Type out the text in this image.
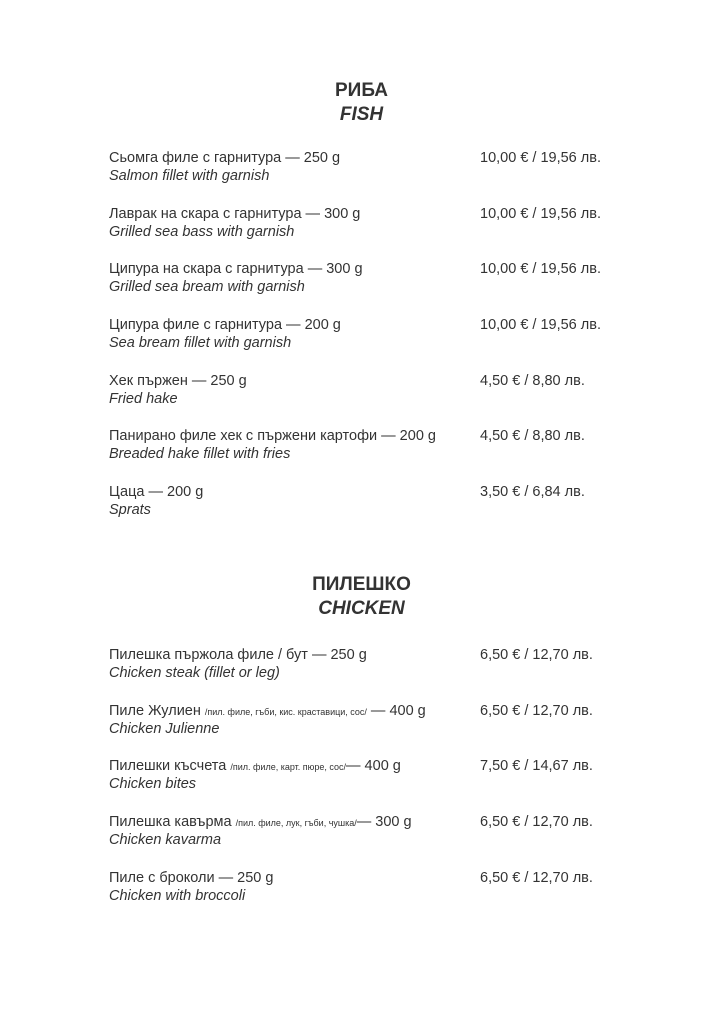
РИБА
FISH
Сьомга филе с гарнитура — 250 g
Salmon fillet with garnish
10,00 € / 19,56 лв.
Лаврак на скара с гарнитура — 300 g
Grilled sea bass with garnish
10,00 € / 19,56 лв.
Ципура на скара с гарнитура — 300 g
Grilled sea bream with garnish
10,00 € / 19,56 лв.
Ципура филе с гарнитура — 200 g
Sea bream fillet with garnish
10,00 € / 19,56 лв.
Хек пържен — 250 g
Fried hake
4,50 € / 8,80 лв.
Панирано филе хек с пържени картофи — 200 g
Breaded hake fillet with fries
4,50 € / 8,80 лв.
Цаца — 200 g
Sprats
3,50 € / 6,84 лв.
ПИЛЕШКО
CHICKEN
Пилешка пържола филе / бут — 250 g
Chicken steak (fillet or leg)
6,50 € / 12,70 лв.
Пиле Жулиен /пил. филе, гъби, кис. краставици, сос/ — 400 g
Chicken Julienne
6,50 € / 12,70 лв.
Пилешки късчета /пил. филе, карт. пюре, сос/— 400 g
Chicken bites
7,50 € / 14,67 лв.
Пилешка кавърма /пил. филе, лук, гъби, чушка/— 300 g
Chicken kavarma
6,50 € / 12,70 лв.
Пиле с броколи — 250 g
Chicken with broccoli
6,50 € / 12,70 лв.
